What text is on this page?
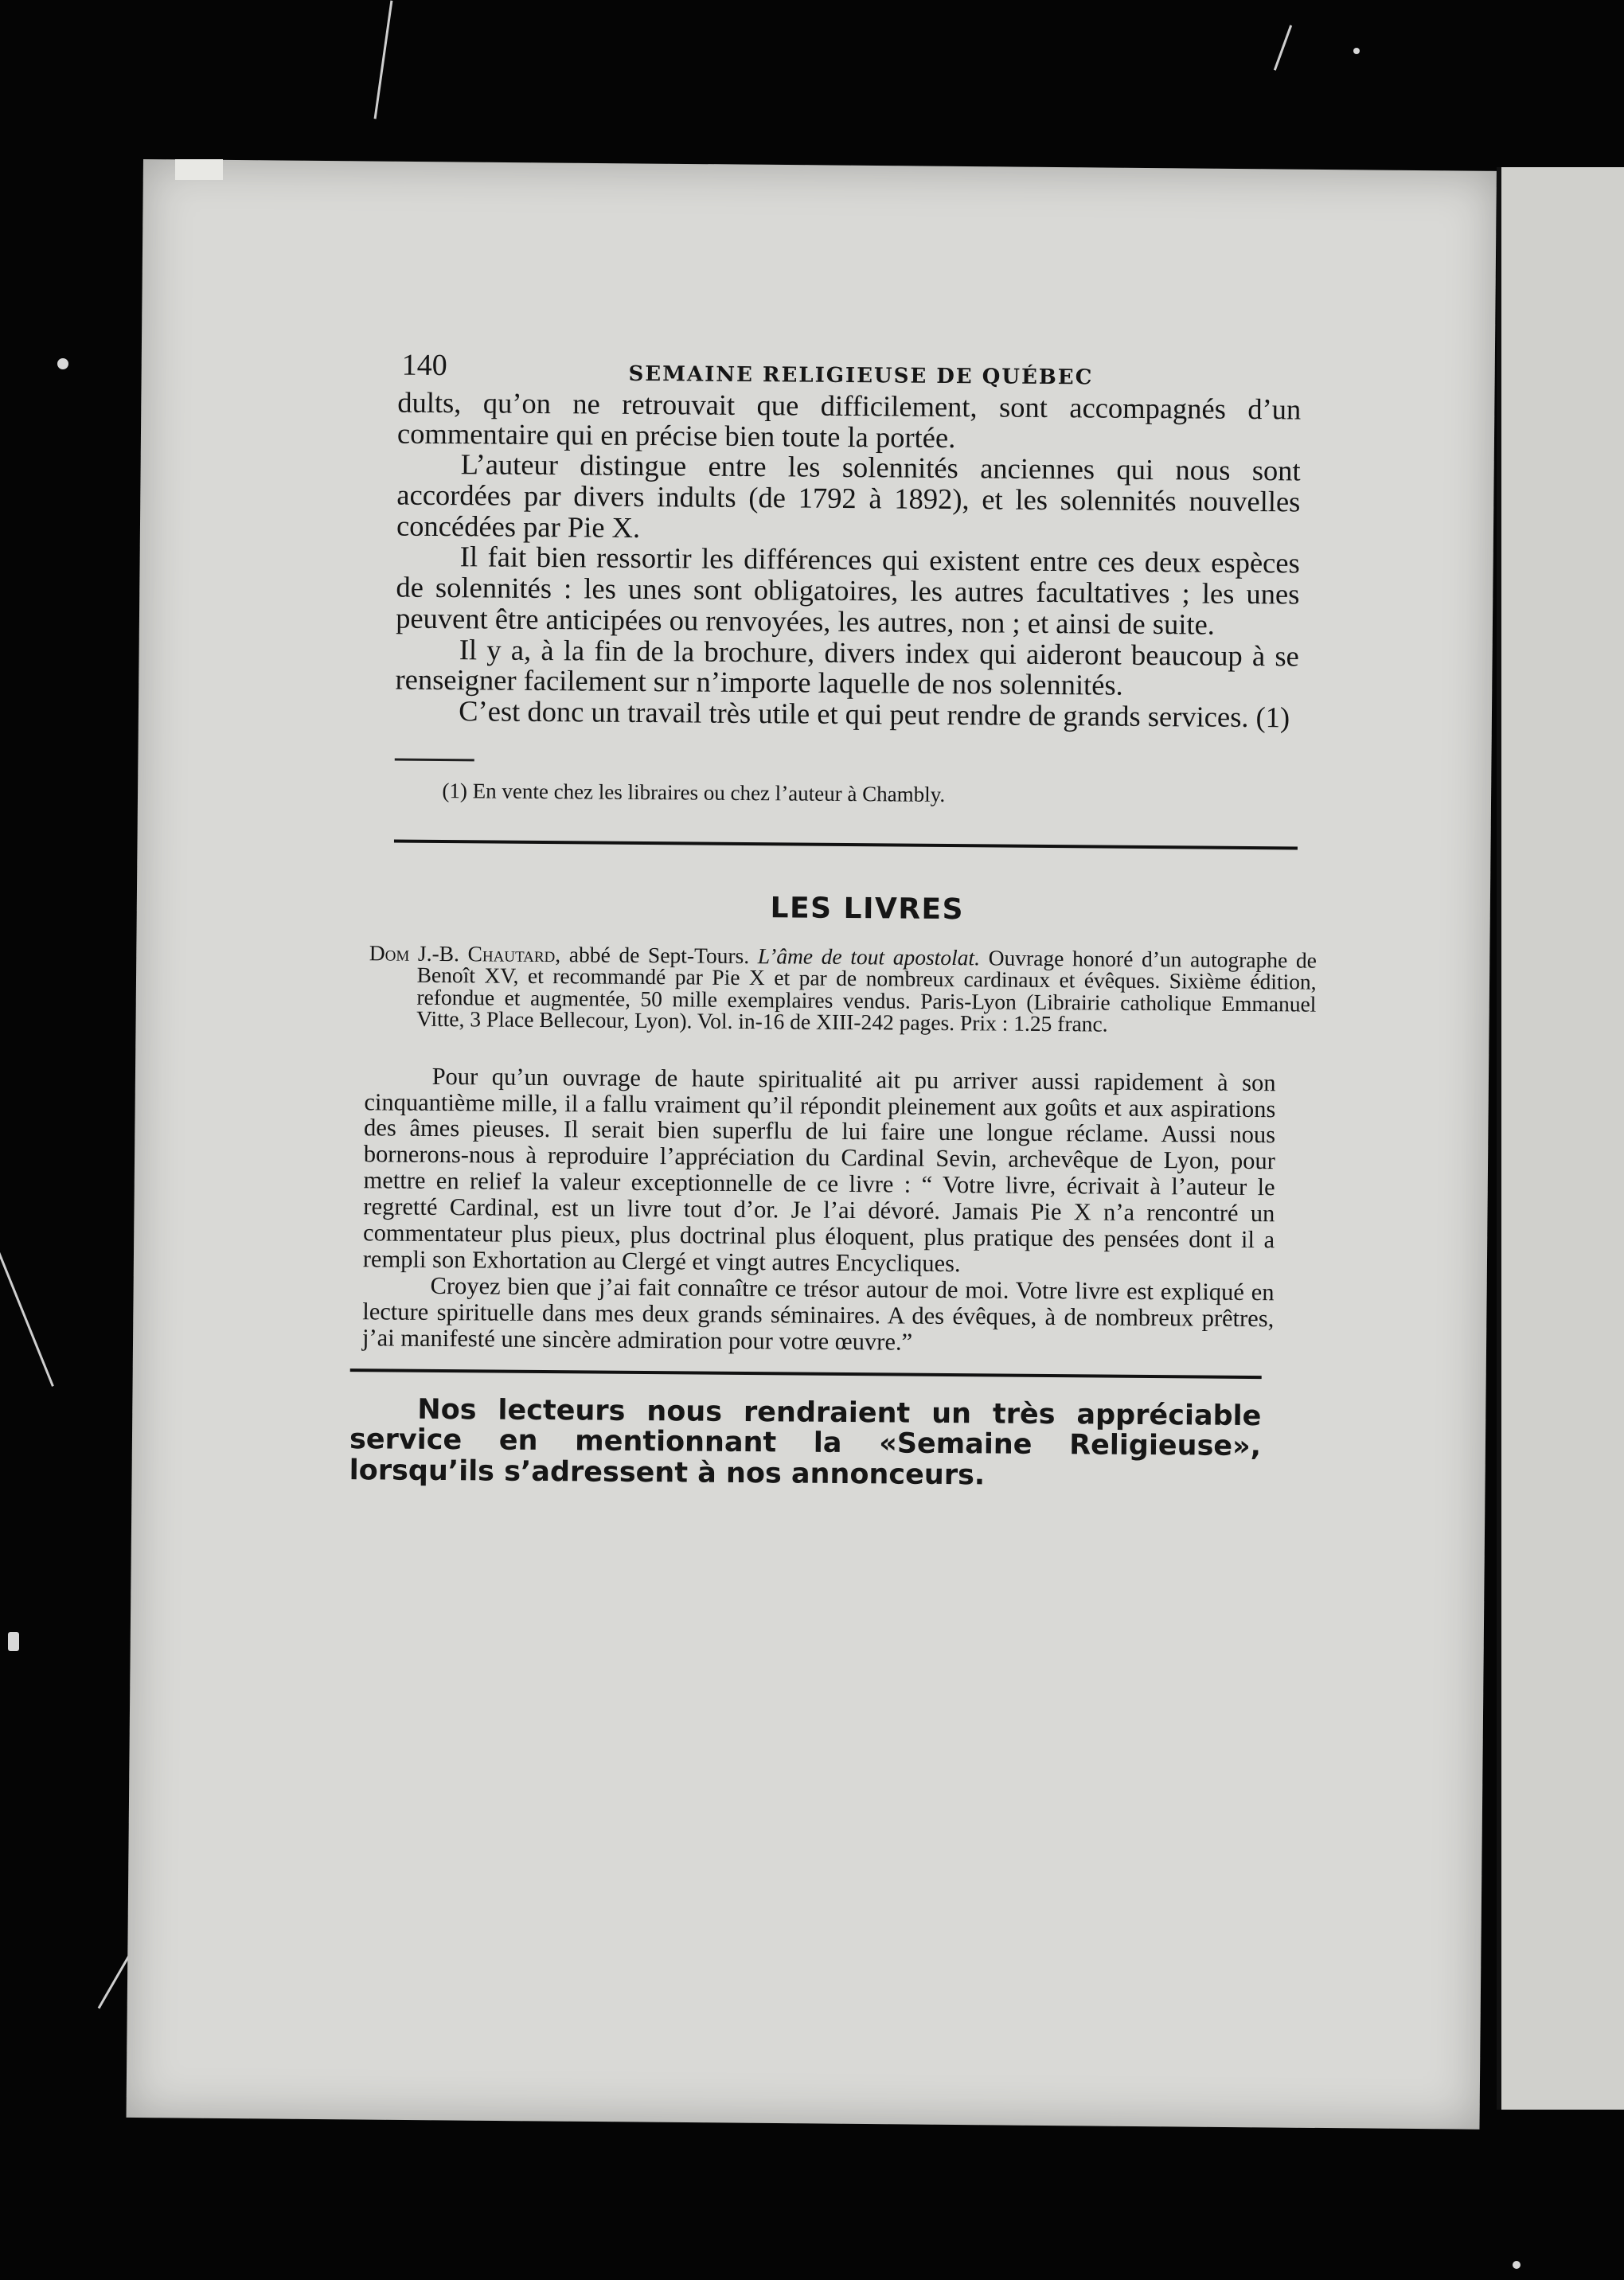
140	SEMAINE RELIGIEUSE DE QUÉBEC

dults, qu’on ne retrouvait que difficilement, sont accompagnés d’un commentaire qui en précise bien toute la portée.

L’auteur distingue entre les solennités anciennes qui nous sont accordées par divers indults (de 1792 à 1892), et les solennités nouvelles concédées par Pie X.

Il fait bien ressortir les différences qui existent entre ces deux espèces de solennités : les unes sont obligatoires, les autres facultatives ; les unes peuvent être anticipées ou renvoyées, les autres, non ; et ainsi de suite.

Il y a, à la fin de la brochure, divers index qui aideront beaucoup à se renseigner facilement sur n’importe laquelle de nos solennités.

C’est donc un travail très utile et qui peut rendre de grands services. (1)

(1) En vente chez les libraires ou chez l’auteur à Chambly.
LES LIVRES
Dom J.-B. Chautard, abbé de Sept-Tours. L’âme de tout apostolat. Ouvrage honoré d’un autographe de Benoît XV, et recommandé par Pie X et par de nombreux cardinaux et évêques. Sixième édition, refondue et augmentée, 50 mille exemplaires vendus. Paris-Lyon (Librairie catholique Emmanuel Vitte, 3 Place Bellecour, Lyon). Vol. in-16 de XIII-242 pages. Prix : 1.25 franc.

Pour qu’un ouvrage de haute spiritualité ait pu arriver aussi rapidement à son cinquantième mille, il a fallu vraiment qu’il répondit pleinement aux goûts et aux aspirations des âmes pieuses. Il serait bien superflu de lui faire une longue réclame. Aussi nous bornerons-nous à reproduire l’appréciation du Cardinal Sevin, archevêque de Lyon, pour mettre en relief la valeur exceptionnelle de ce livre : “ Votre livre, écrivait à l’auteur le regretté Cardinal, est un livre tout d’or. Je l’ai dévoré. Jamais Pie X n’a rencontré un commentateur plus pieux, plus doctrinal plus éloquent, plus pratique des pensées dont il a rempli son Exhortation au Clergé et vingt autres Encycliques.

Croyez bien que j’ai fait connaître ce trésor autour de moi. Votre livre est expliqué en lecture spirituelle dans mes deux grands séminaires. A des évêques, à de nombreux prêtres, j’ai manifesté une sincère admiration pour votre œuvre.”

Nos lecteurs nous rendraient un très appréciable service en mentionnant la «Semaine Religieuse», lorsqu’ils s’adressent à nos annonceurs.
